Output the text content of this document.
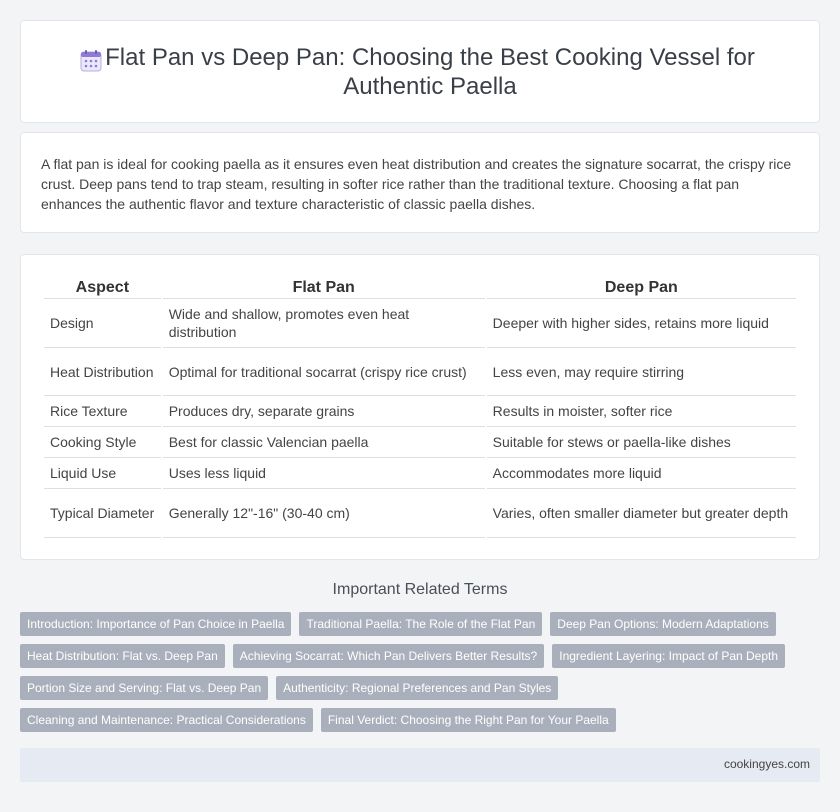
Flat Pan vs Deep Pan: Choosing the Best Cooking Vessel for Authentic Paella

A flat pan is ideal for cooking paella as it ensures even heat distribution and creates the signature socarrat, the crispy rice crust. Deep pans tend to trap steam, resulting in softer rice rather than the traditional texture. Choosing a flat pan enhances the authentic flavor and texture characteristic of classic paella dishes.

Aspect	Flat Pan	Deep Pan
Design	Wide and shallow, promotes even heat distribution	Deeper with higher sides, retains more liquid
Heat Distribution	Optimal for traditional socarrat (crispy rice crust)	Less even, may require stirring
Rice Texture	Produces dry, separate grains	Results in moister, softer rice
Cooking Style	Best for classic Valencian paella	Suitable for stews or paella-like dishes
Liquid Use	Uses less liquid	Accommodates more liquid
Typical Diameter	Generally 12"-16" (30-40 cm)	Varies, often smaller diameter but greater depth
Important Related Terms
Introduction: Importance of Pan Choice in Paella	Traditional Paella: The Role of the Flat Pan	Deep Pan Options: Modern Adaptations
Heat Distribution: Flat vs. Deep Pan	Achieving Socarrat: Which Pan Delivers Better Results?	Ingredient Layering: Impact of Pan Depth
Portion Size and Serving: Flat vs. Deep Pan	Authenticity: Regional Preferences and Pan Styles
Cleaning and Maintenance: Practical Considerations	Final Verdict: Choosing the Right Pan for Your Paella
cookingyes.com
